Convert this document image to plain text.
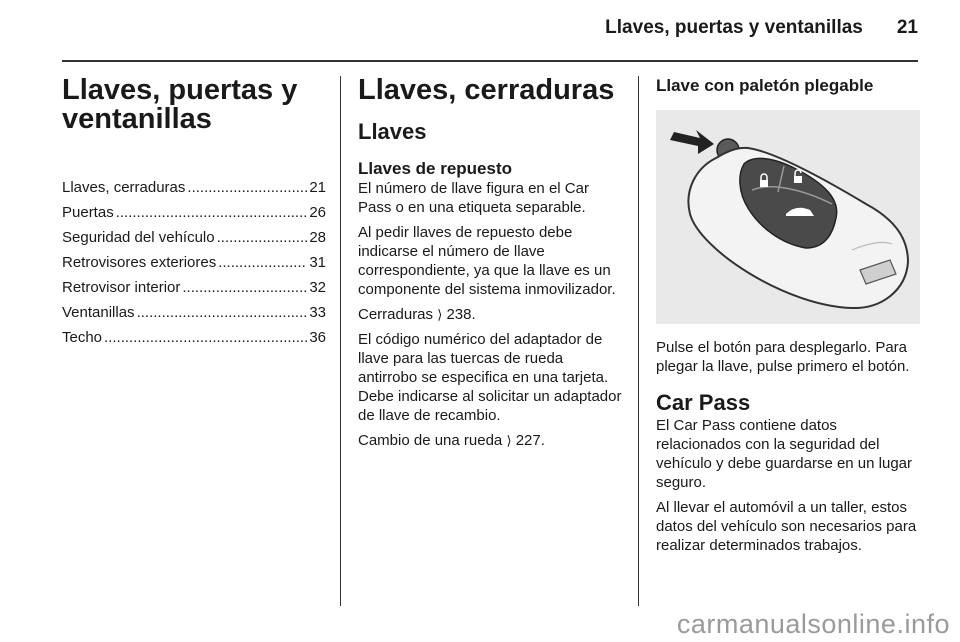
Llaves, puertas y ventanillas 21
Llaves, puertas y ventanillas
Llaves, cerraduras .....	21
Puertas .....	26
Seguridad del vehículo .....	28
Retrovisores exteriores .....	31
Retrovisor interior .....	32
Ventanillas .....	33
Techo .....	36
Llaves, cerraduras
Llaves
Llaves de repuesto

El número de llave figura en el Car Pass o en una etiqueta separable.

Al pedir llaves de repuesto debe indicarse el número de llave correspondiente, ya que la llave es un componente del sistema inmovilizador.

Cerraduras ⟩ 238.

El código numérico del adaptador de llave para las tuercas de rueda antirrobo se especifica en una tarjeta. Debe indicarse al solicitar un adaptador de llave de recambio.

Cambio de una rueda ⟩ 227.

Llave con paletón plegable

Pulse el botón para desplegarlo. Para plegar la llave, pulse primero el botón.

Car Pass

El Car Pass contiene datos relacionados con la seguridad del vehículo y debe guardarse en un lugar seguro.

Al llevar el automóvil a un taller, estos datos del vehículo son necesarios para realizar determinados trabajos.

carmanualsonline.info
